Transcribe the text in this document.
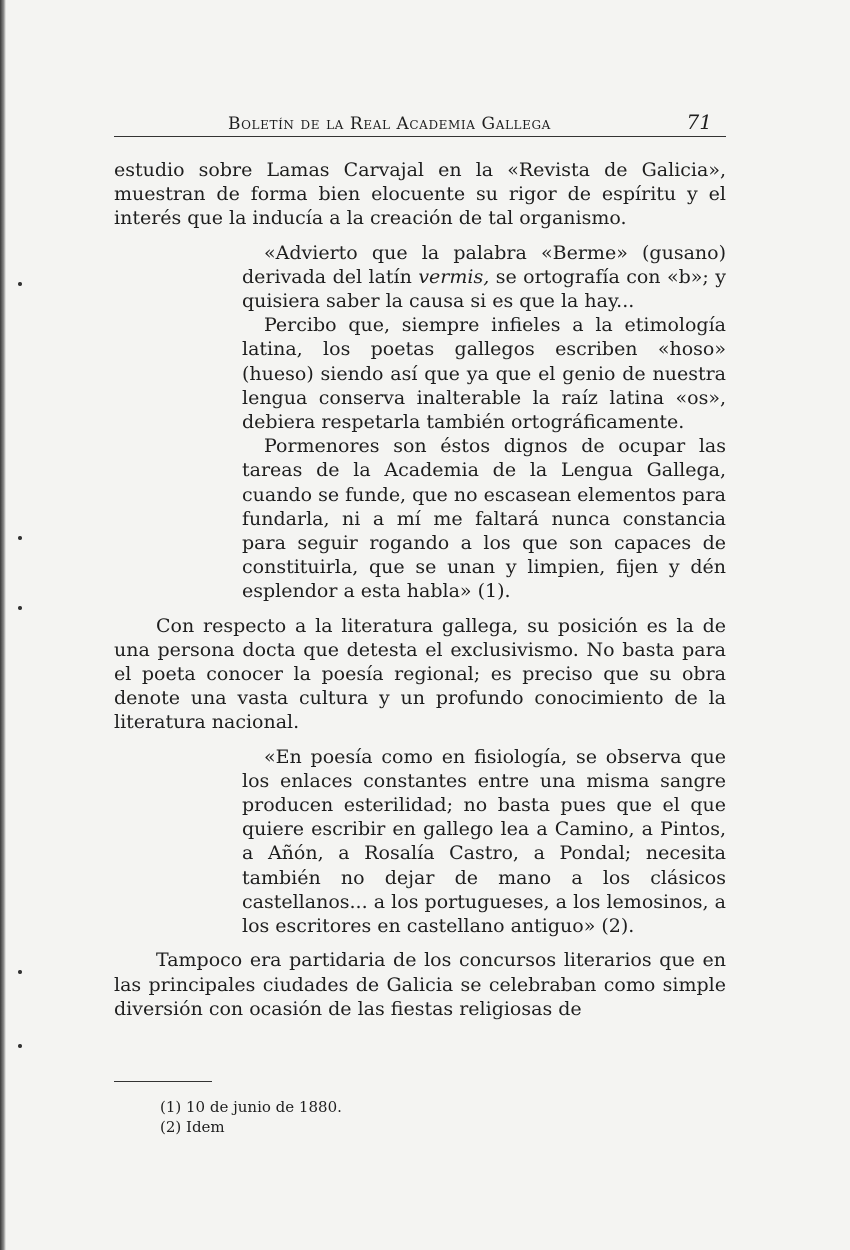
Boletín de la Real Academia Gallega	71

estudio sobre Lamas Carvajal en la «Revista de Galicia», muestran de forma bien elocuente su rigor de espíritu y el interés que la inducía a la creación de tal organismo.

«Advierto que la palabra «Berme» (gusano) derivada del latín vermis, se ortografía con «b»; y quisiera saber la causa si es que la hay...

Percibo que, siempre infieles a la etimología latina, los poetas gallegos escriben «hoso» (hueso) siendo así que ya que el genio de nuestra lengua conserva inalterable la raíz latina «os», debiera respetarla también ortográficamente.

Pormenores son éstos dignos de ocupar las tareas de la Academia de la Lengua Gallega, cuando se funde, que no escasean elementos para fundarla, ni a mí me faltará nunca constancia para seguir rogando a los que son capaces de constituirla, que se unan y limpien, fijen y dén esplendor a esta habla» (1).

Con respecto a la literatura gallega, su posición es la de una persona docta que detesta el exclusivismo. No basta para el poeta conocer la poesía regional; es preciso que su obra denote una vasta cultura y un profundo conocimiento de la literatura nacional.

«En poesía como en fisiología, se observa que los enlaces constantes entre una misma sangre producen esterilidad; no basta pues que el que quiere escribir en gallego lea a Camino, a Pintos, a Añón, a Rosalía Castro, a Pondal; necesita también no dejar de mano a los clásicos castellanos... a los portugueses, a los lemosinos, a los escritores en castellano antiguo» (2).

Tampoco era partidaria de los concursos literarios que en las principales ciudades de Galicia se celebraban como simple diversión con ocasión de las fiestas religiosas de

(1) 10 de junio de 1880.
(2) Idem
